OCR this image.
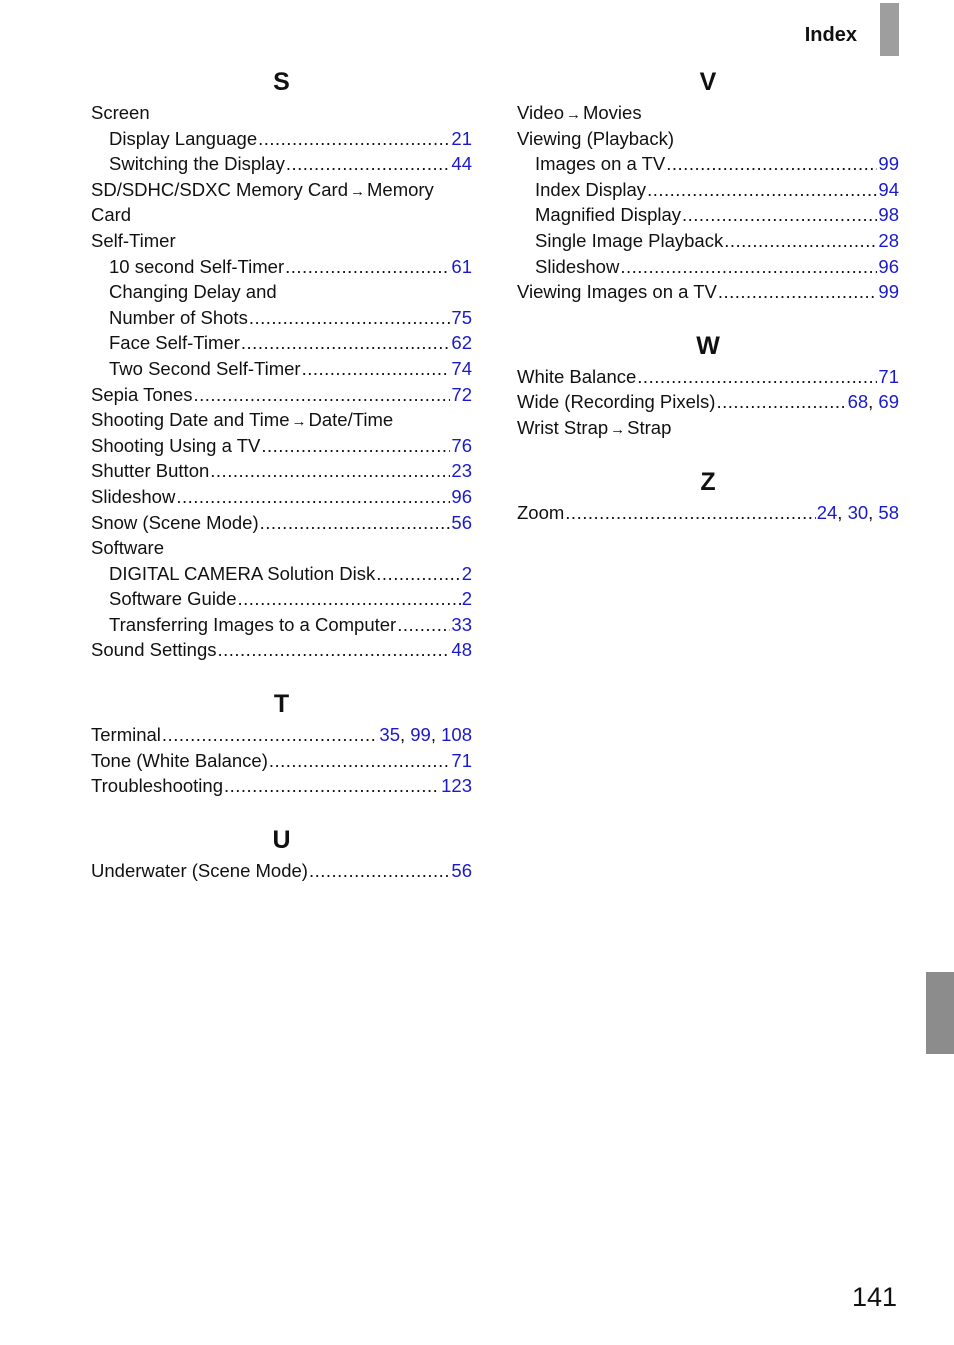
Index
S
Screen
Display Language .....	21
Switching the Display .....	44
SD/SDHC/SDXC Memory Card → Memory
Card
Self-Timer
10 second Self-Timer .....	61
Changing Delay and
Number of Shots .....	75
Face Self-Timer .....	62
Two Second Self-Timer .....	74
Sepia Tones .....	72
Shooting Date and Time → Date/Time
Shooting Using a TV .....	76
Shutter Button .....	23
Slideshow .....	96
Snow (Scene Mode) .....	56
Software
DIGITAL CAMERA Solution Disk .....	2
Software Guide .....	2
Transferring Images to a Computer .....	33
Sound Settings .....	48
T
Terminal .....	35, 99, 108
Tone (White Balance) .....	71
Troubleshooting .....	123
U
Underwater (Scene Mode) .....	56
V
Video → Movies
Viewing (Playback)
Images on a TV .....	99
Index Display .....	94
Magnified Display .....	98
Single Image Playback .....	28
Slideshow .....	96
Viewing Images on a TV .....	99
W
White Balance .....	71
Wide (Recording Pixels) .....	68, 69
Wrist Strap → Strap
Z
Zoom .....	24, 30, 58
141
